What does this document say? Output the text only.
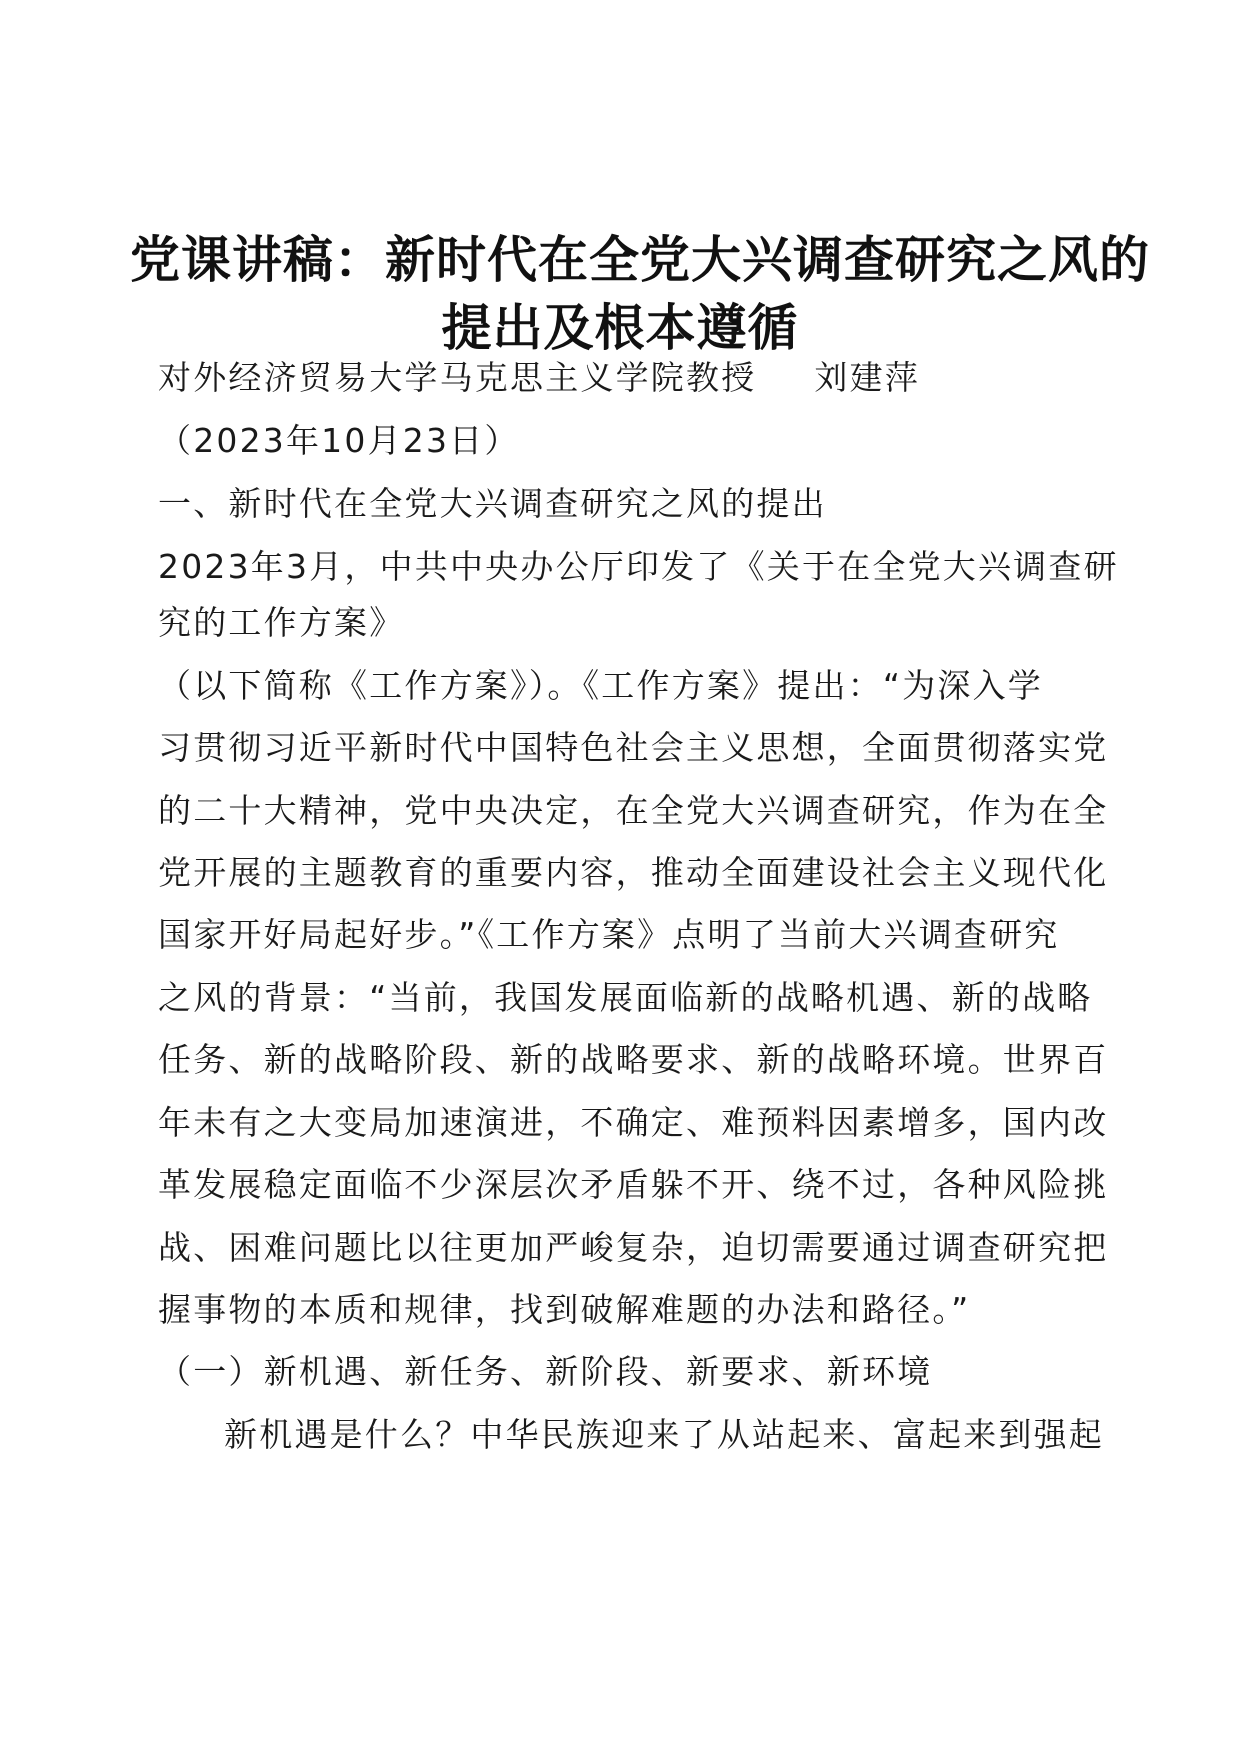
党课讲稿：新时代在全党大兴调查研究之风的
提出及根本遵循
对外经济贸易大学马克思主义学院教授 刘建萍
（2023年10月23日）
一、新时代在全党大兴调查研究之风的提出
2023年3月，中共中央办公厅印发了《关于在全党大兴调查研
究的工作方案》
（以下简称《工作方案》）。《工作方案》提出：“为深入学
习贯彻习近平新时代中国特色社会主义思想，全面贯彻落实党
的二十大精神，党中央决定，在全党大兴调查研究，作为在全
党开展的主题教育的重要内容，推动全面建设社会主义现代化
国家开好局起好步。”《工作方案》点明了当前大兴调查研究
之风的背景：“当前，我国发展面临新的战略机遇、新的战略
任务、新的战略阶段、新的战略要求、新的战略环境。世界百
年未有之大变局加速演进，不确定、难预料因素增多，国内改
革发展稳定面临不少深层次矛盾躲不开、绕不过，各种风险挑
战、困难问题比以往更加严峻复杂，迫切需要通过调查研究把
握事物的本质和规律，找到破解难题的办法和路径。”
（一）新机遇、新任务、新阶段、新要求、新环境
新机遇是什么？中华民族迎来了从站起来、富起来到强起
